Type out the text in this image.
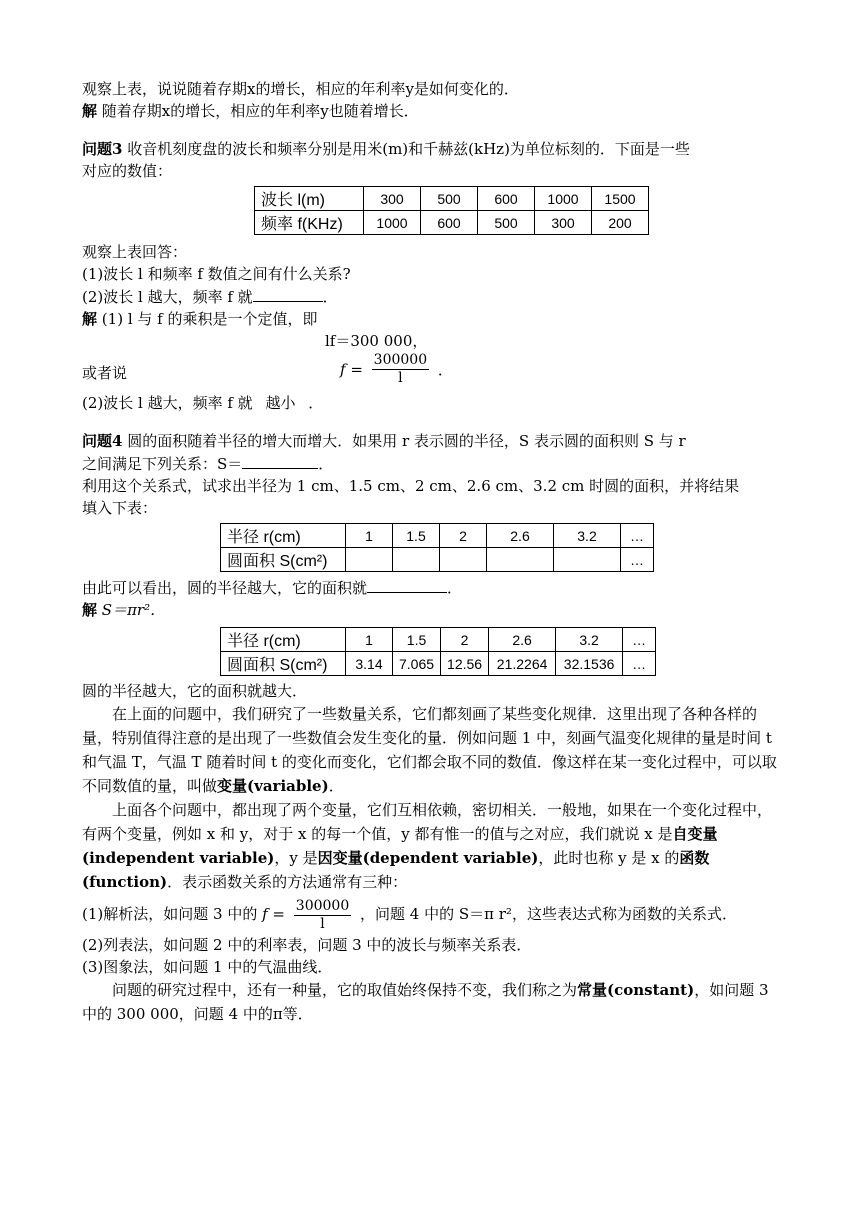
观察上表，说说随着存期x的增长，相应的年利率y是如何变化的．
解 随着存期x的增长，相应的年利率y也随着增长．
问题3 收音机刻度盘的波长和频率分别是用米(m)和千赫兹(kHz)为单位标刻的．下面是一些
对应的数值：
波长 l(m)	300	500	600	1000	1500
频率 f(KHz)	1000	600	500	300	200
观察上表回答：
(1)波长 l 和频率 f 数值之间有什么关系?
(2)波长 l 越大，频率 f 就	．
解 (1) l 与 f 的乘积是一个定值，即
lf＝300 000，
或者说	$f = \frac{300000}{l}$ ．
(2)波长 l 越大，频率 f 就 越小 ．
问题4 圆的面积随着半径的增大而增大．如果用 r 表示圆的半径，S 表示圆的面积则 S 与 r
之间满足下列关系：S＝	．
利用这个关系式，试求出半径为 1 cm、1.5 cm、2 cm、2.6 cm、3.2 cm 时圆的面积，并将结果
填入下表：
半径 r(cm)	1	1.5	2	2.6	3.2	…
圆面积 S(cm²)						…
由此可以看出，圆的半径越大，它的面积就	．
解 S＝πr²．
半径 r(cm)	1	1.5	2	2.6	3.2	…
圆面积 S(cm²)	3.14	7.065	12.56	21.2264	32.1536	…
圆的半径越大，它的面积就越大．
在上面的问题中，我们研究了一些数量关系，它们都刻画了某些变化规律．这里出现了各种各样的量，特别值得注意的是出现了一些数值会发生变化的量．例如问题 1 中，刻画气温变化规律的量是时间 t 和气温 T，气温 T 随着时间 t 的变化而变化，它们都会取不同的数值．像这样在某一变化过程中，可以取不同数值的量，叫做变量(variable)．
上面各个问题中，都出现了两个变量，它们互相依赖，密切相关．一般地，如果在一个变化过程中，有两个变量，例如 x 和 y，对于 x 的每一个值，y 都有惟一的值与之对应，我们就说 x 是自变量(independent variable)，y 是因变量(dependent variable)，此时也称 y 是 x 的函数(function)．表示函数关系的方法通常有三种：
(1)解析法，如问题 3 中的 $f = \frac{300000}{l}$ ，问题 4 中的 S＝π r²，这些表达式称为函数的关系式．
(2)列表法，如问题 2 中的利率表，问题 3 中的波长与频率关系表．
(3)图象法，如问题 1 中的气温曲线．
问题的研究过程中，还有一种量，它的取值始终保持不变，我们称之为常量(constant)，如问题 3 中的 300 000，问题 4 中的π等．
